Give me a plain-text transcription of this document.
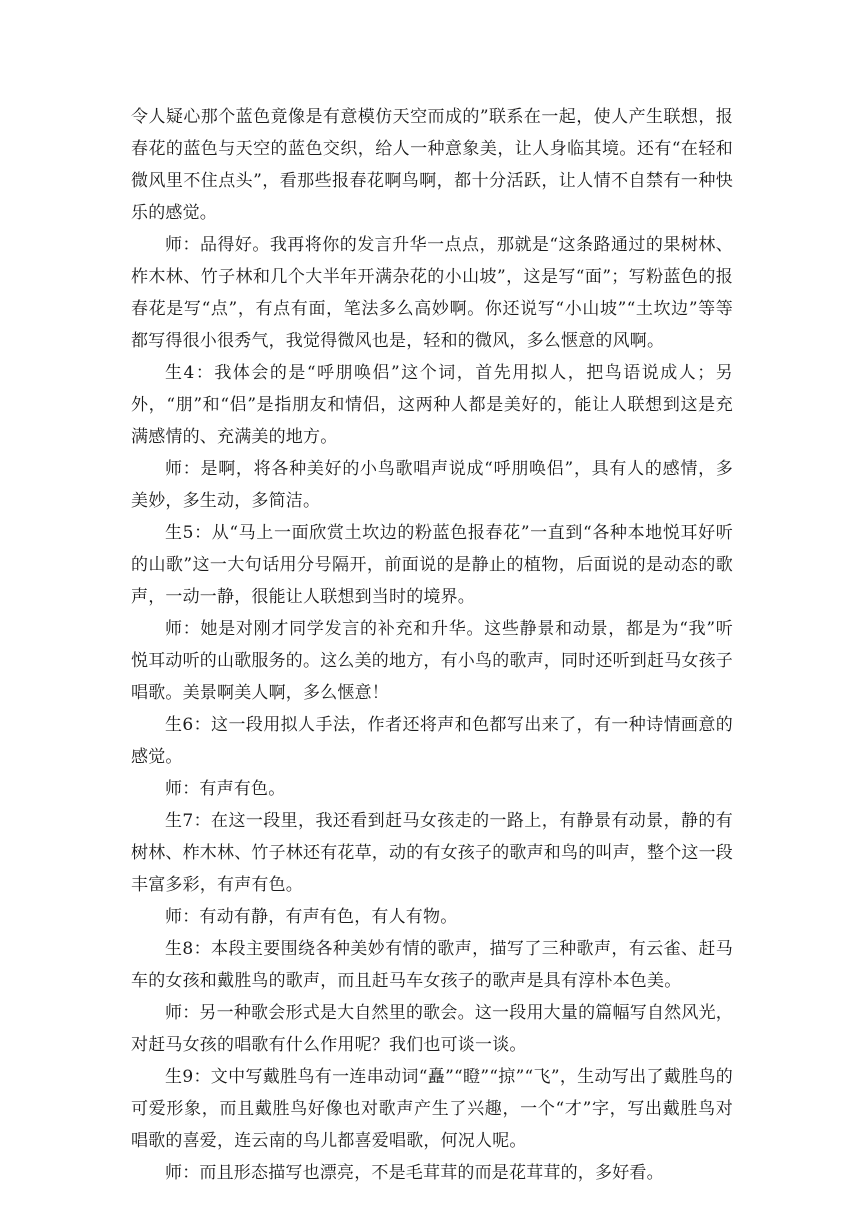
令人疑心那个蓝色竟像是有意模仿天空而成的”联系在一起，使人产生联想，报春花的蓝色与天空的蓝色交织，给人一种意象美，让人身临其境。还有“在轻和微风里不住点头”，看那些报春花啊鸟啊，都十分活跃，让人情不自禁有一种快乐的感觉。

师：品得好。我再将你的发言升华一点点，那就是“这条路通过的果树林、柞木林、竹子林和几个大半年开满杂花的小山坡”，这是写“面”；写粉蓝色的报春花是写“点”，有点有面，笔法多么高妙啊。你还说写“小山坡”“土坎边”等等都写得很小很秀气，我觉得微风也是，轻和的微风，多么惬意的风啊。

生4：我体会的是“呼朋唤侣”这个词，首先用拟人，把鸟语说成人；另外，“朋”和“侣”是指朋友和情侣，这两种人都是美好的，能让人联想到这是充满感情的、充满美的地方。

师：是啊，将各种美好的小鸟歌唱声说成“呼朋唤侣”，具有人的感情，多美妙，多生动，多简洁。

生5：从“马上一面欣赏土坎边的粉蓝色报春花”一直到“各种本地悦耳好听的山歌”这一大句话用分号隔开，前面说的是静止的植物，后面说的是动态的歌声，一动一静，很能让人联想到当时的境界。

师：她是对刚才同学发言的补充和升华。这些静景和动景，都是为“我”听悦耳动听的山歌服务的。这么美的地方，有小鸟的歌声，同时还听到赶马女孩子唱歌。美景啊美人啊，多么惬意！

生6：这一段用拟人手法，作者还将声和色都写出来了，有一种诗情画意的感觉。

师：有声有色。

生7：在这一段里，我还看到赶马女孩走的一路上，有静景有动景，静的有树林、柞木林、竹子林还有花草，动的有女孩子的歌声和鸟的叫声，整个这一段丰富多彩，有声有色。

师：有动有静，有声有色，有人有物。

生8：本段主要围绕各种美妙有情的歌声，描写了三种歌声，有云雀、赶马车的女孩和戴胜鸟的歌声，而且赶马车女孩子的歌声是具有淳朴本色美。

师：另一种歌会形式是大自然里的歌会。这一段用大量的篇幅写自然风光，对赶马女孩的唱歌有什么作用呢？我们也可谈一谈。

生9：文中写戴胜鸟有一连串动词“矗”“瞪”“掠”“飞”，生动写出了戴胜鸟的可爱形象，而且戴胜鸟好像也对歌声产生了兴趣，一个“才”字，写出戴胜鸟对唱歌的喜爱，连云南的鸟儿都喜爱唱歌，何况人呢。

师：而且形态描写也漂亮，不是毛茸茸的而是花茸茸的，多好看。
